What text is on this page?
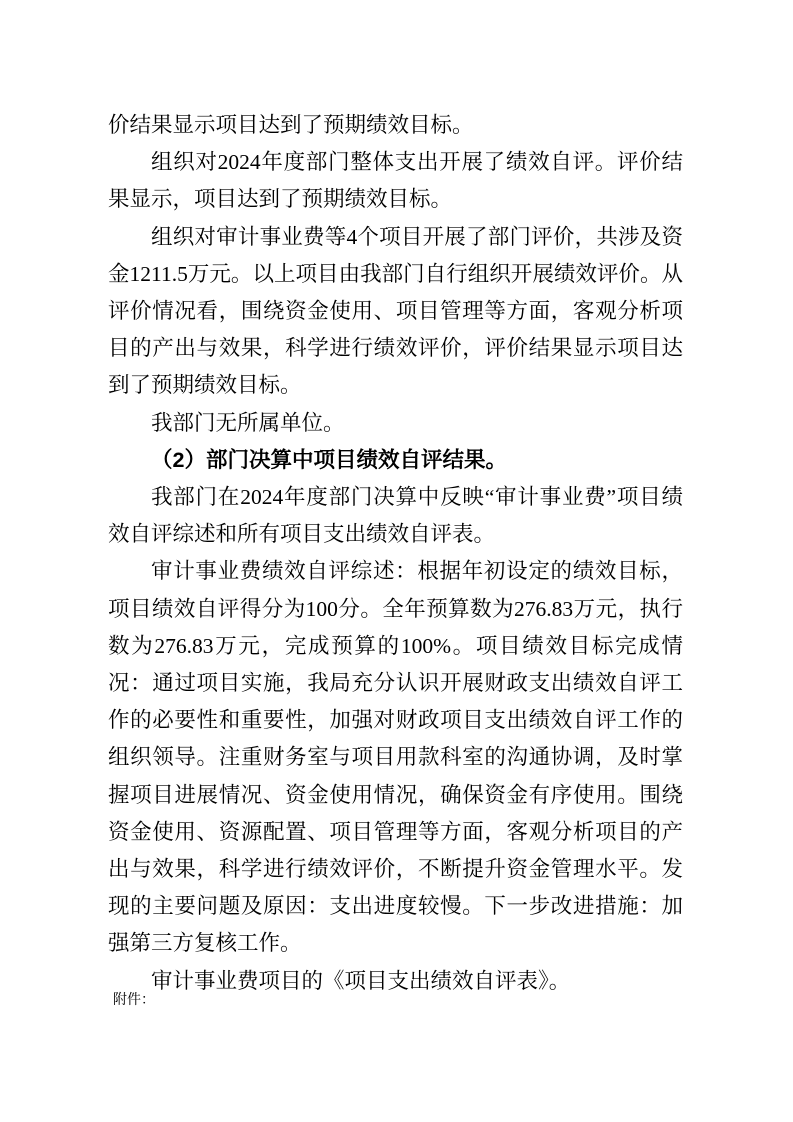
价结果显示项目达到了预期绩效目标。

组织对2024年度部门整体支出开展了绩效自评。评价结果显示，项目达到了预期绩效目标。

组织对审计事业费等4个项目开展了部门评价，共涉及资金1211.5万元。以上项目由我部门自行组织开展绩效评价。从评价情况看，围绕资金使用、项目管理等方面，客观分析项目的产出与效果，科学进行绩效评价，评价结果显示项目达到了预期绩效目标。

我部门无所属单位。

（2）部门决算中项目绩效自评结果。

我部门在2024年度部门决算中反映“审计事业费”项目绩效自评综述和所有项目支出绩效自评表。

审计事业费绩效自评综述：根据年初设定的绩效目标，项目绩效自评得分为100分。全年预算数为276.83万元，执行数为276.83万元，完成预算的100%。项目绩效目标完成情况：通过项目实施，我局充分认识开展财政支出绩效自评工作的必要性和重要性，加强对财政项目支出绩效自评工作的组织领导。注重财务室与项目用款科室的沟通协调，及时掌握项目进展情况、资金使用情况，确保资金有序使用。围绕资金使用、资源配置、项目管理等方面，客观分析项目的产出与效果，科学进行绩效评价，不断提升资金管理水平。发现的主要问题及原因：支出进度较慢。下一步改进措施：加强第三方复核工作。

审计事业费项目的《项目支出绩效自评表》。

附件：
